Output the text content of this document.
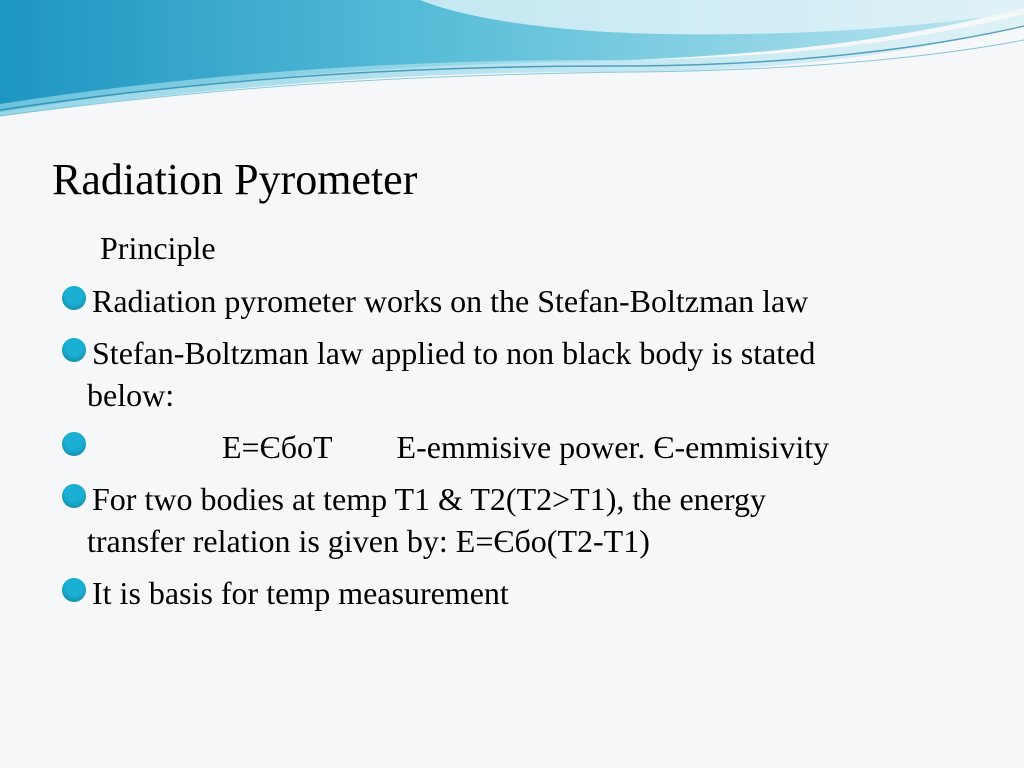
Radiation Pyrometer
Principle
Radiation pyrometer works on the Stefan-Boltzman law
Stefan-Boltzman law applied to non black body is stated
below:
E=ЄбоТ E-emmisive power. Є-emmisivity
For two bodies at temp T1 & T2(T2>T1), the energy
transfer relation is given by: E=Єбо(T2-T1)
It is basis for temp measurement
